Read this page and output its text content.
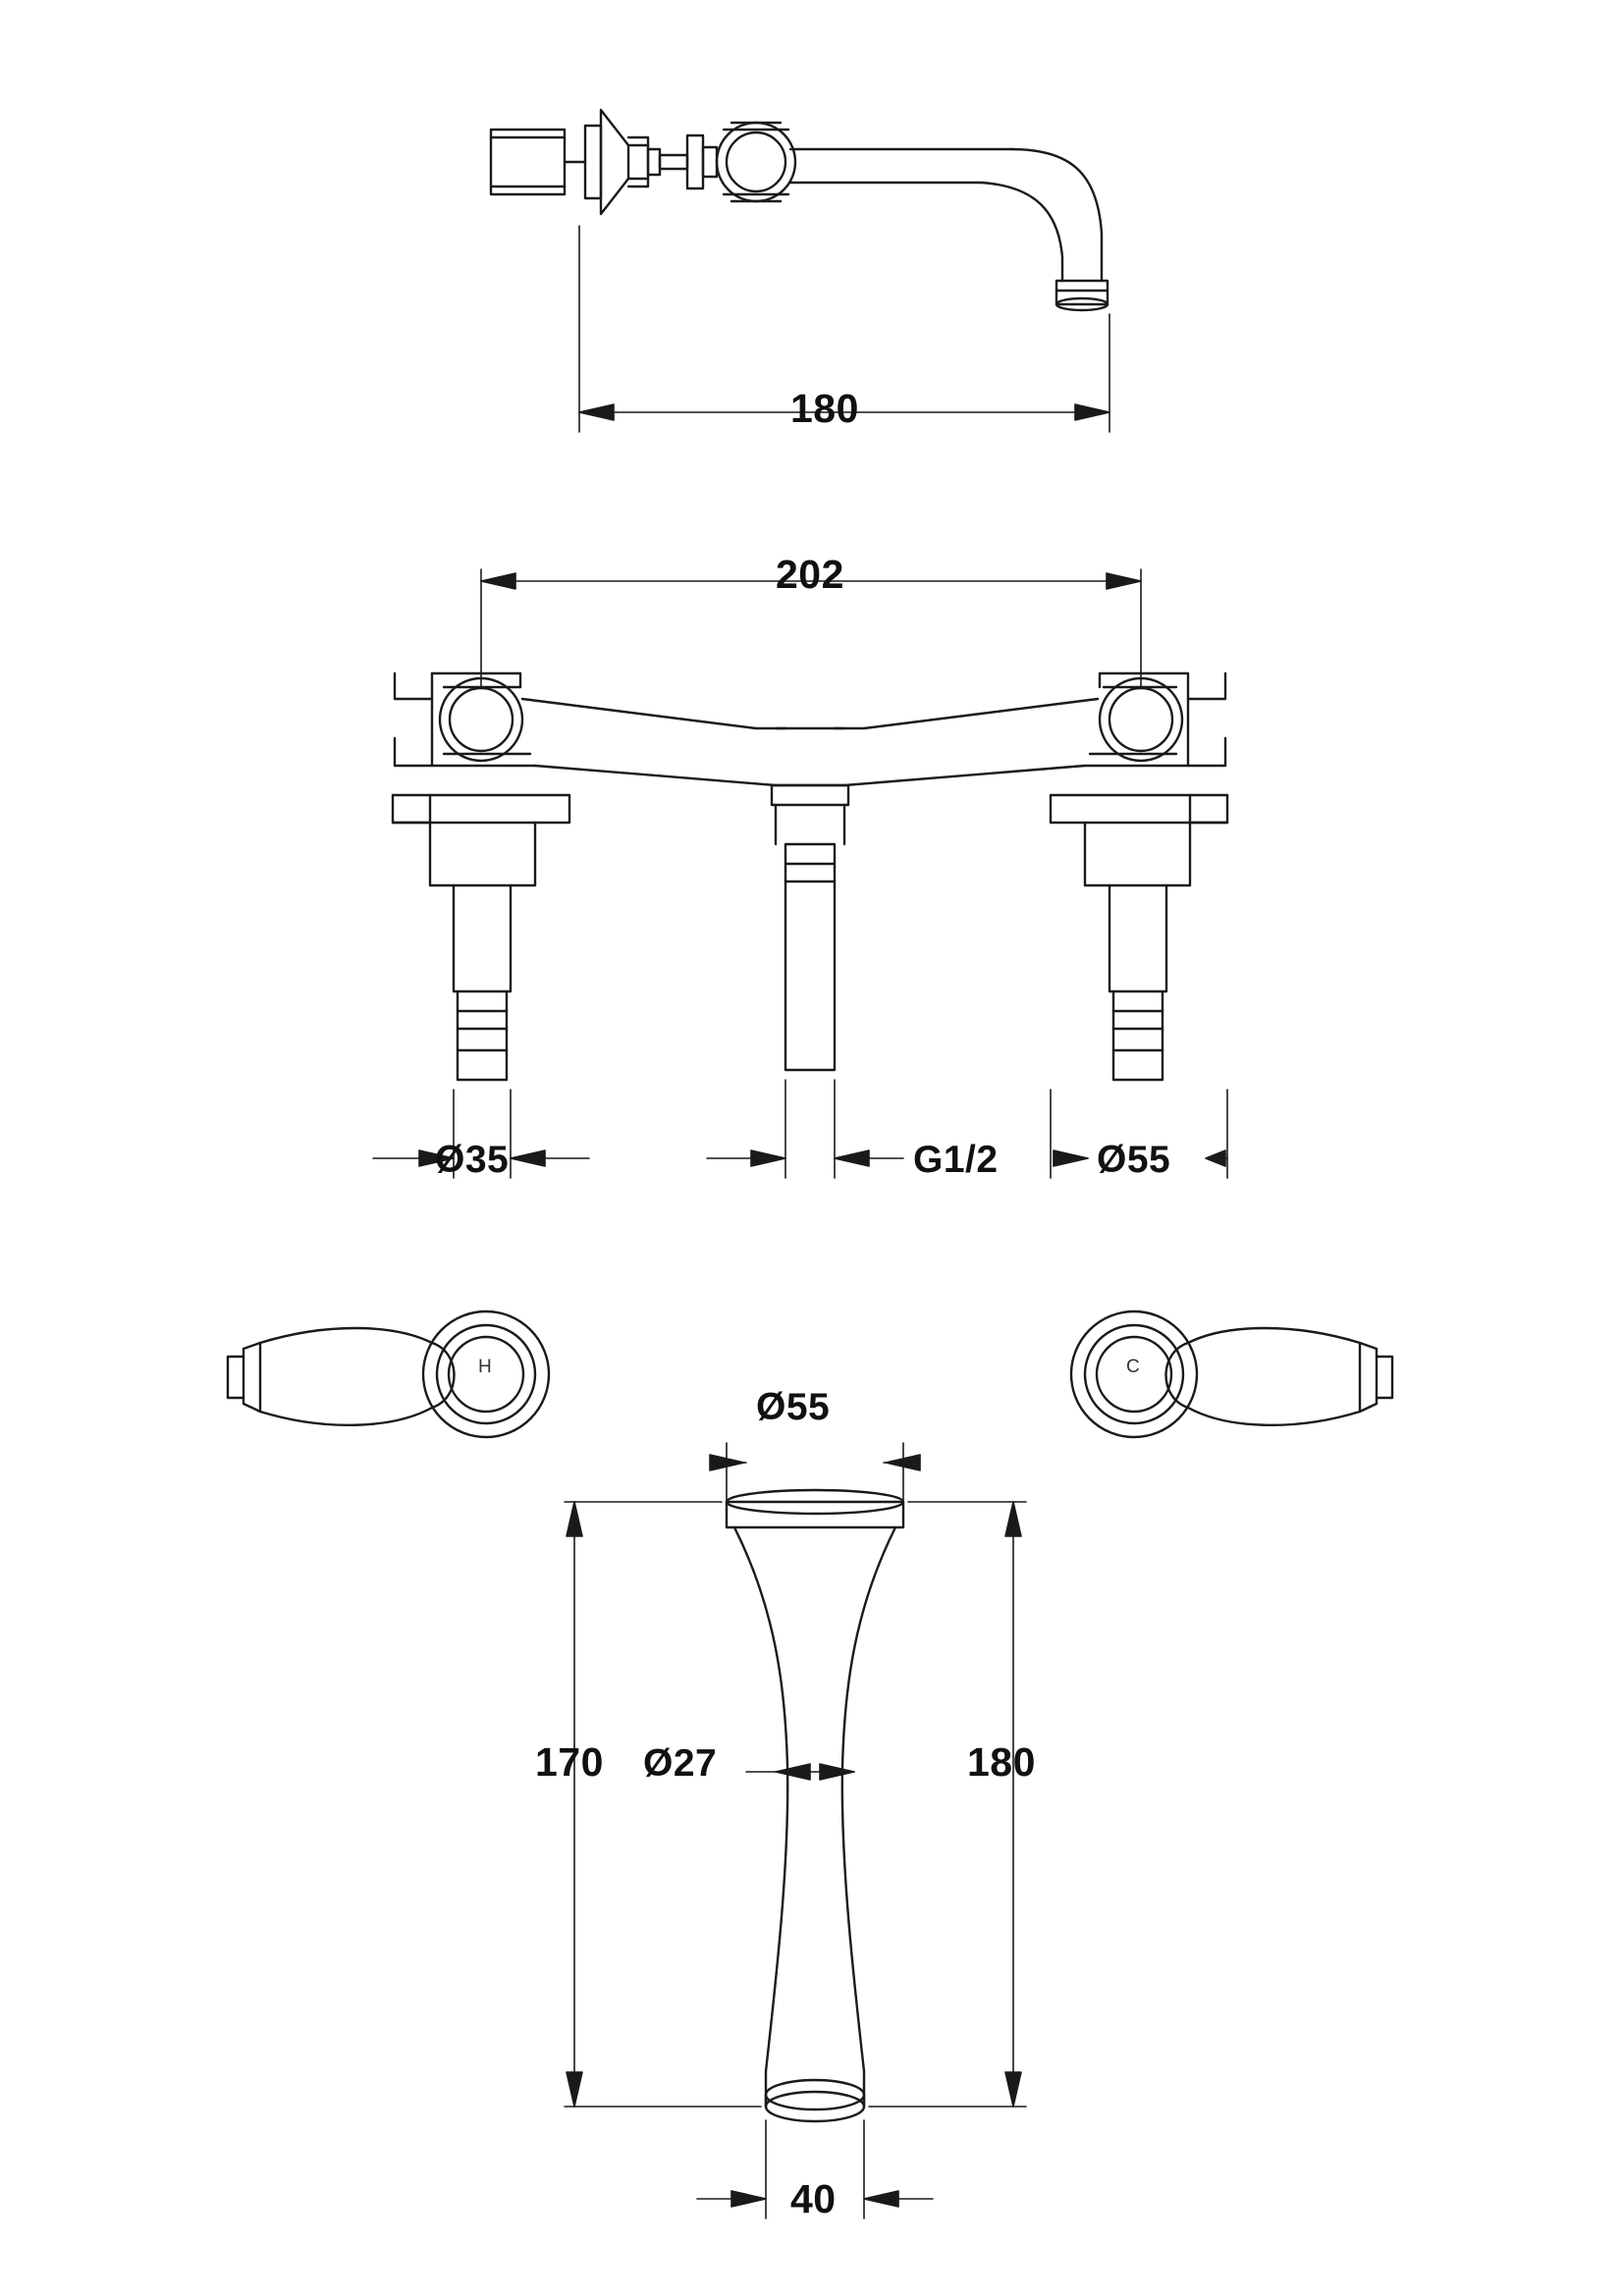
180
202
Ø35	G1/2	Ø55
Ø55
170 Ø27	180
40
H	C
